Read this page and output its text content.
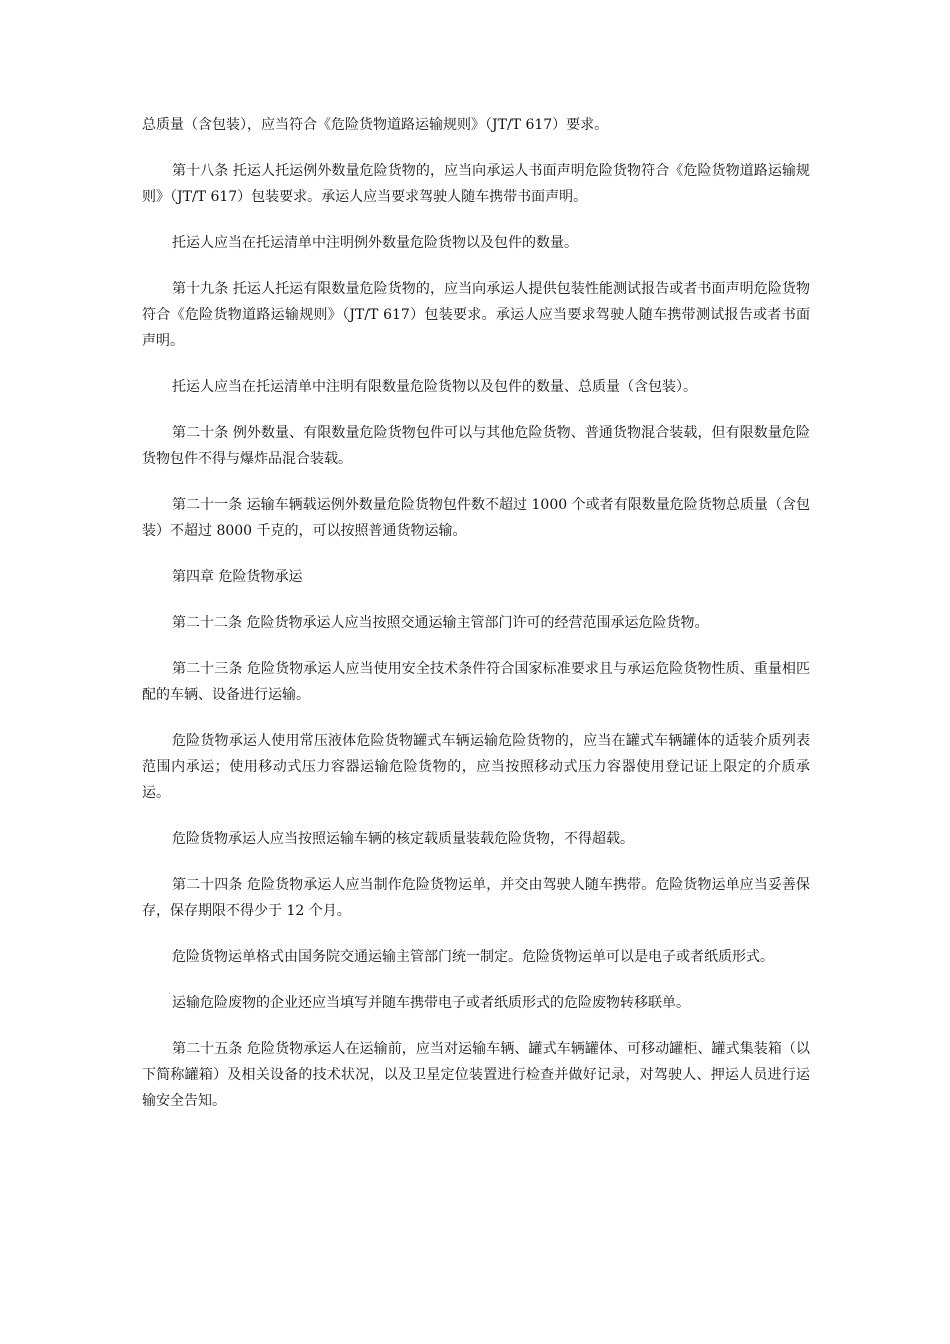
总质量（含包装），应当符合《危险货物道路运输规则》（JT/T 617）要求。

第十八条 托运人托运例外数量危险货物的，应当向承运人书面声明危险货物符合《危险货物道路运输规则》（JT/T 617）包装要求。承运人应当要求驾驶人随车携带书面声明。

托运人应当在托运清单中注明例外数量危险货物以及包件的数量。

第十九条 托运人托运有限数量危险货物的，应当向承运人提供包装性能测试报告或者书面声明危险货物符合《危险货物道路运输规则》（JT/T 617）包装要求。承运人应当要求驾驶人随车携带测试报告或者书面声明。

托运人应当在托运清单中注明有限数量危险货物以及包件的数量、总质量（含包装）。

第二十条 例外数量、有限数量危险货物包件可以与其他危险货物、普通货物混合装载，但有限数量危险货物包件不得与爆炸品混合装载。

第二十一条 运输车辆载运例外数量危险货物包件数不超过 1000 个或者有限数量危险货物总质量（含包装）不超过 8000 千克的，可以按照普通货物运输。

第四章 危险货物承运

第二十二条 危险货物承运人应当按照交通运输主管部门许可的经营范围承运危险货物。

第二十三条 危险货物承运人应当使用安全技术条件符合国家标准要求且与承运危险货物性质、重量相匹配的车辆、设备进行运输。

危险货物承运人使用常压液体危险货物罐式车辆运输危险货物的，应当在罐式车辆罐体的适装介质列表范围内承运；使用移动式压力容器运输危险货物的，应当按照移动式压力容器使用登记证上限定的介质承运。

危险货物承运人应当按照运输车辆的核定载质量装载危险货物，不得超载。

第二十四条 危险货物承运人应当制作危险货物运单，并交由驾驶人随车携带。危险货物运单应当妥善保存，保存期限不得少于 12 个月。

危险货物运单格式由国务院交通运输主管部门统一制定。危险货物运单可以是电子或者纸质形式。

运输危险废物的企业还应当填写并随车携带电子或者纸质形式的危险废物转移联单。

第二十五条 危险货物承运人在运输前，应当对运输车辆、罐式车辆罐体、可移动罐柜、罐式集装箱（以下简称罐箱）及相关设备的技术状况，以及卫星定位装置进行检查并做好记录，对驾驶人、押运人员进行运输安全告知。
